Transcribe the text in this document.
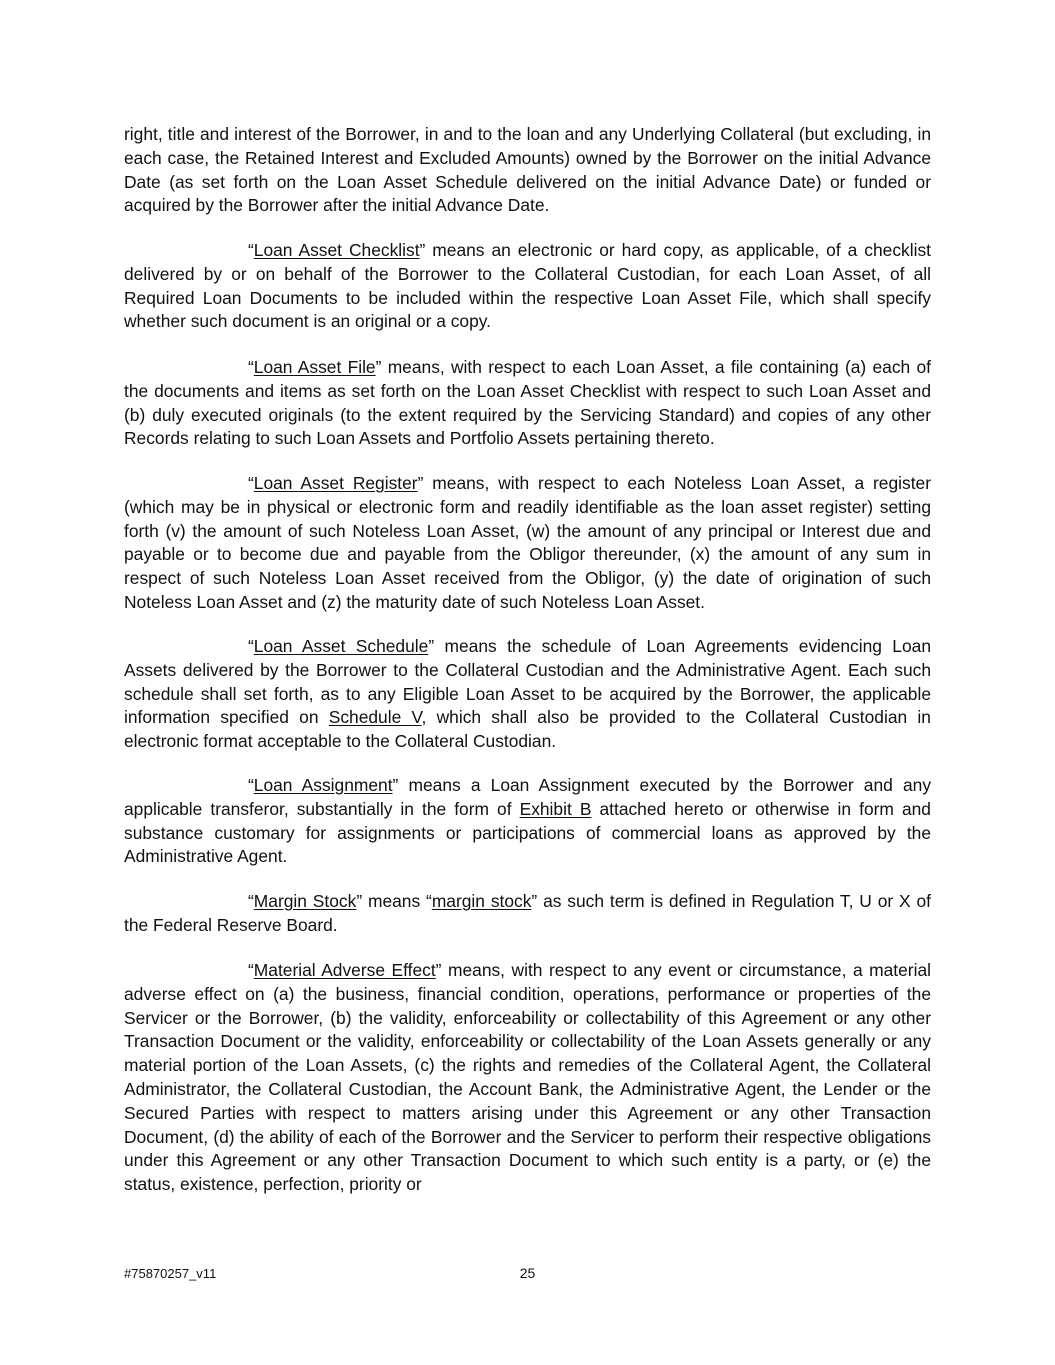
right, title and interest of the Borrower, in and to the loan and any Underlying Collateral (but excluding, in each case, the Retained Interest and Excluded Amounts) owned by the Borrower on the initial Advance Date (as set forth on the Loan Asset Schedule delivered on the initial Advance Date) or funded or acquired by the Borrower after the initial Advance Date.

“Loan Asset Checklist” means an electronic or hard copy, as applicable, of a checklist delivered by or on behalf of the Borrower to the Collateral Custodian, for each Loan Asset, of all Required Loan Documents to be included within the respective Loan Asset File, which shall specify whether such document is an original or a copy.

“Loan Asset File” means, with respect to each Loan Asset, a file containing (a) each of the documents and items as set forth on the Loan Asset Checklist with respect to such Loan Asset and (b) duly executed originals (to the extent required by the Servicing Standard) and copies of any other Records relating to such Loan Assets and Portfolio Assets pertaining thereto.

“Loan Asset Register” means, with respect to each Noteless Loan Asset, a register (which may be in physical or electronic form and readily identifiable as the loan asset register) setting forth (v) the amount of such Noteless Loan Asset, (w) the amount of any principal or Interest due and payable or to become due and payable from the Obligor thereunder, (x) the amount of any sum in respect of such Noteless Loan Asset received from the Obligor, (y) the date of origination of such Noteless Loan Asset and (z) the maturity date of such Noteless Loan Asset.

“Loan Asset Schedule” means the schedule of Loan Agreements evidencing Loan Assets delivered by the Borrower to the Collateral Custodian and the Administrative Agent. Each such schedule shall set forth, as to any Eligible Loan Asset to be acquired by the Borrower, the applicable information specified on Schedule V, which shall also be provided to the Collateral Custodian in electronic format acceptable to the Collateral Custodian.

“Loan Assignment” means a Loan Assignment executed by the Borrower and any applicable transferor, substantially in the form of Exhibit B attached hereto or otherwise in form and substance customary for assignments or participations of commercial loans as approved by the Administrative Agent.

“Margin Stock” means “margin stock” as such term is defined in Regulation T, U or X of the Federal Reserve Board.

“Material Adverse Effect” means, with respect to any event or circumstance, a material adverse effect on (a) the business, financial condition, operations, performance or properties of the Servicer or the Borrower, (b) the validity, enforceability or collectability of this Agreement or any other Transaction Document or the validity, enforceability or collectability of the Loan Assets generally or any material portion of the Loan Assets, (c) the rights and remedies of the Collateral Agent, the Collateral Administrator, the Collateral Custodian, the Account Bank, the Administrative Agent, the Lender or the Secured Parties with respect to matters arising under this Agreement or any other Transaction Document, (d) the ability of each of the Borrower and the Servicer to perform their respective obligations under this Agreement or any other Transaction Document to which such entity is a party, or (e) the status, existence, perfection, priority or

#75870257_v11	25
